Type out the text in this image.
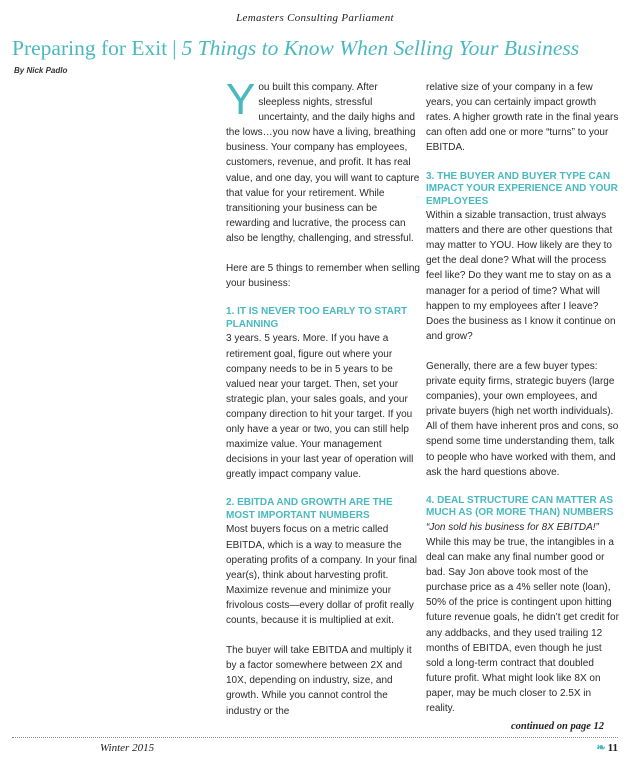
Lemasters Consulting Parliament
Preparing for Exit | 5 Things to Know When Selling Your Business
By Nick Padlo

You built this company. After sleepless nights, stressful uncertainty, and the daily highs and the lows…you now have a living, breathing business. Your company has employees, customers, revenue, and profit. It has real value, and one day, you will want to capture that value for your retirement. While transitioning your business can be rewarding and lucrative, the process can also be lengthy, challenging, and stressful.

Here are 5 things to remember when selling your business:

1. IT IS NEVER TOO EARLY TO START PLANNING

3 years. 5 years. More. If you have a retirement goal, figure out where your company needs to be in 5 years to be valued near your target. Then, set your strategic plan, your sales goals, and your company direction to hit your target. If you only have a year or two, you can still help maximize value. Your management decisions in your last year of operation will greatly impact company value.

2. EBITDA AND GROWTH ARE THE MOST IMPORTANT NUMBERS

Most buyers focus on a metric called EBITDA, which is a way to measure the operating profits of a company. In your final year(s), think about harvesting profit. Maximize revenue and minimize your frivolous costs—every dollar of profit really counts, because it is multiplied at exit.

The buyer will take EBITDA and multiply it by a factor somewhere between 2X and 10X, depending on industry, size, and growth. While you cannot control the industry or the

relative size of your company in a few years, you can certainly impact growth rates. A higher growth rate in the final years can often add one or more “turns” to your EBITDA.

3. THE BUYER AND BUYER TYPE CAN IMPACT YOUR EXPERIENCE AND YOUR EMPLOYEES

Within a sizable transaction, trust always matters and there are other questions that may matter to YOU. How likely are they to get the deal done? What will the process feel like? Do they want me to stay on as a manager for a period of time? What will happen to my employees after I leave? Does the business as I know it continue on and grow?

Generally, there are a few buyer types: private equity firms, strategic buyers (large companies), your own employees, and private buyers (high net worth individuals). All of them have inherent pros and cons, so spend some time understanding them, talk to people who have worked with them, and ask the hard questions above.

4. DEAL STRUCTURE CAN MATTER AS MUCH AS (OR MORE THAN) NUMBERS
“Jon sold his business for 8X EBITDA!”

While this may be true, the intangibles in a deal can make any final number good or bad. Say Jon above took most of the purchase price as a 4% seller note (loan), 50% of the price is contingent upon hitting future revenue goals, he didn’t get credit for any addbacks, and they used trailing 12 months of EBITDA, even though he just sold a long-term contract that doubled future profit. What might look like 8X on paper, may be much closer to 2.5X in reality.

continued on page 12
Winter 2015	❧ 11
